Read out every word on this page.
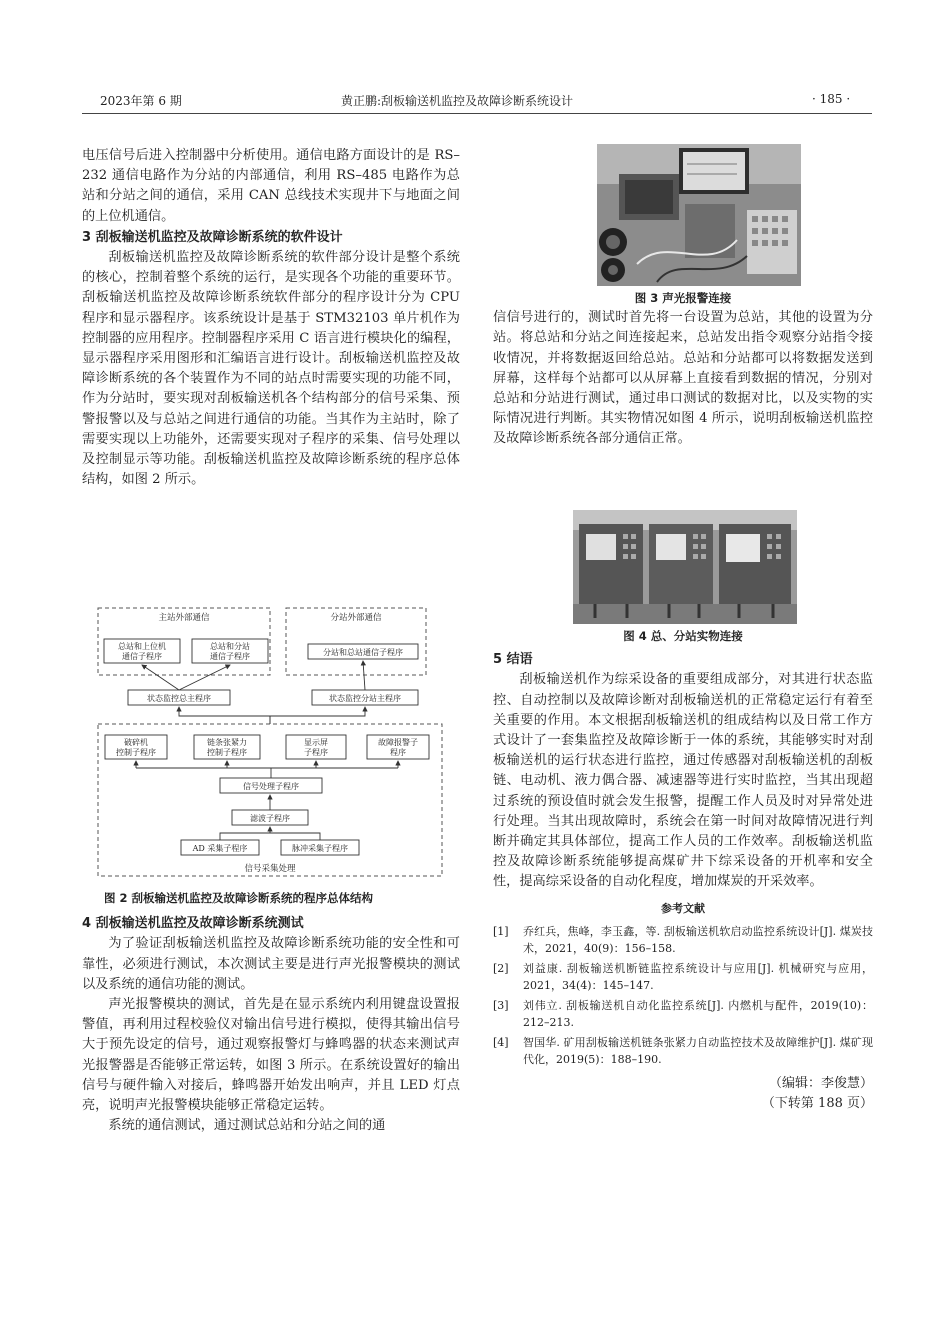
2023年第 6 期	黄正鹏:刮板输送机监控及故障诊断系统设计	· 185 ·

电压信号后进入控制器中分析使用。通信电路方面设计的是 RS–232 通信电路作为分站的内部通信，利用 RS–485 电路作为总站和分站之间的通信，采用 CAN 总线技术实现井下与地面之间的上位机通信。

3 刮板输送机监控及故障诊断系统的软件设计

刮板输送机监控及故障诊断系统的软件部分设计是整个系统的核心，控制着整个系统的运行，是实现各个功能的重要环节。刮板输送机监控及故障诊断系统软件部分的程序设计分为 CPU 程序和显示器程序。该系统设计是基于 STM32103 单片机作为控制器的应用程序。控制器程序采用 C 语言进行模块化的编程，显示器程序采用图形和汇编语言进行设计。刮板输送机监控及故障诊断系统的各个装置作为不同的站点时需要实现的功能不同，作为分站时，要实现对刮板输送机各个结构部分的信号采集、预警报警以及与总站之间进行通信的功能。当其作为主站时，除了需要实现以上功能外，还需要实现对子程序的采集、信号处理以及控制显示等功能。刮板输送机监控及故障诊断系统的程序总体结构，如图 2 所示。

主站外部通信	分站外部通信
总站和上位机
通信子程序
总站和分站
通信子程序	分站和总站通信子程序
状态监控总主程序	状态监控分站主程序
破碎机
控制子程序
链条张紧力
控制子程序
显示屏
子程序
故障报警子
程序
信号处理子程序
滤波子程序
AD 采集子程序	脉冲采集子程序
信号采集处理
图 2 刮板输送机监控及故障诊断系统的程序总体结构

4 刮板输送机监控及故障诊断系统测试

为了验证刮板输送机监控及故障诊断系统功能的安全性和可靠性，必须进行测试，本次测试主要是进行声光报警模块的测试以及系统的通信功能的测试。

声光报警模块的测试，首先是在显示系统内利用键盘设置报警值，再利用过程校验仪对输出信号进行模拟，使得其输出信号大于预先设定的信号，通过观察报警灯与蜂鸣器的状态来测试声光报警器是否能够正常运转，如图 3 所示。在系统设置好的输出信号与硬件输入对接后，蜂鸣器开始发出响声，并且 LED 灯点亮，说明声光报警模块能够正常稳定运转。

系统的通信测试，通过测试总站和分站之间的通

图 3 声光报警连接

信信号进行的，测试时首先将一台设置为总站，其他的设置为分站。将总站和分站之间连接起来，总站发出指令观察分站指令接收情况，并将数据返回给总站。总站和分站都可以将数据发送到屏幕，这样每个站都可以从屏幕上直接看到数据的情况，分别对总站和分站进行测试，通过串口测试的数据对比，以及实物的实际情况进行判断。其实物情况如图 4 所示，说明刮板输送机监控及故障诊断系统各部分通信正常。

图 4 总、分站实物连接

5 结语

刮板输送机作为综采设备的重要组成部分，对其进行状态监控、自动控制以及故障诊断对刮板输送机的正常稳定运行有着至关重要的作用。本文根据刮板输送机的组成结构以及日常工作方式设计了一套集监控及故障诊断于一体的系统，其能够实时对刮板输送机的运行状态进行监控，通过传感器对刮板输送机的刮板链、电动机、液力偶合器、减速器等进行实时监控，当其出现超过系统的预设值时就会发生报警，提醒工作人员及时对异常处进行处理。当其出现故障时，系统会在第一时间对故障情况进行判断并确定其具体部位，提高工作人员的工作效率。刮板输送机监控及故障诊断系统能够提高煤矿井下综采设备的开机率和安全性，提高综采设备的自动化程度，增加煤炭的开采效率。

参考文献
[1]	乔红兵，焦峰，李玉鑫，等. 刮板输送机软启动监控系统设计[J]. 煤炭技术，2021，40(9)：156–158.
[2]	刘益康. 刮板输送机断链监控系统设计与应用[J]. 机械研究与应用，2021，34(4)：145–147.
[3]	刘伟立. 刮板输送机自动化监控系统[J]. 内燃机与配件，2019(10)：212–213.
[4]	智国华. 矿用刮板输送机链条张紧力自动监控技术及故障维护[J]. 煤矿现代化，2019(5)：188–190.
（编辑：李俊慧）
（下转第 188 页）
